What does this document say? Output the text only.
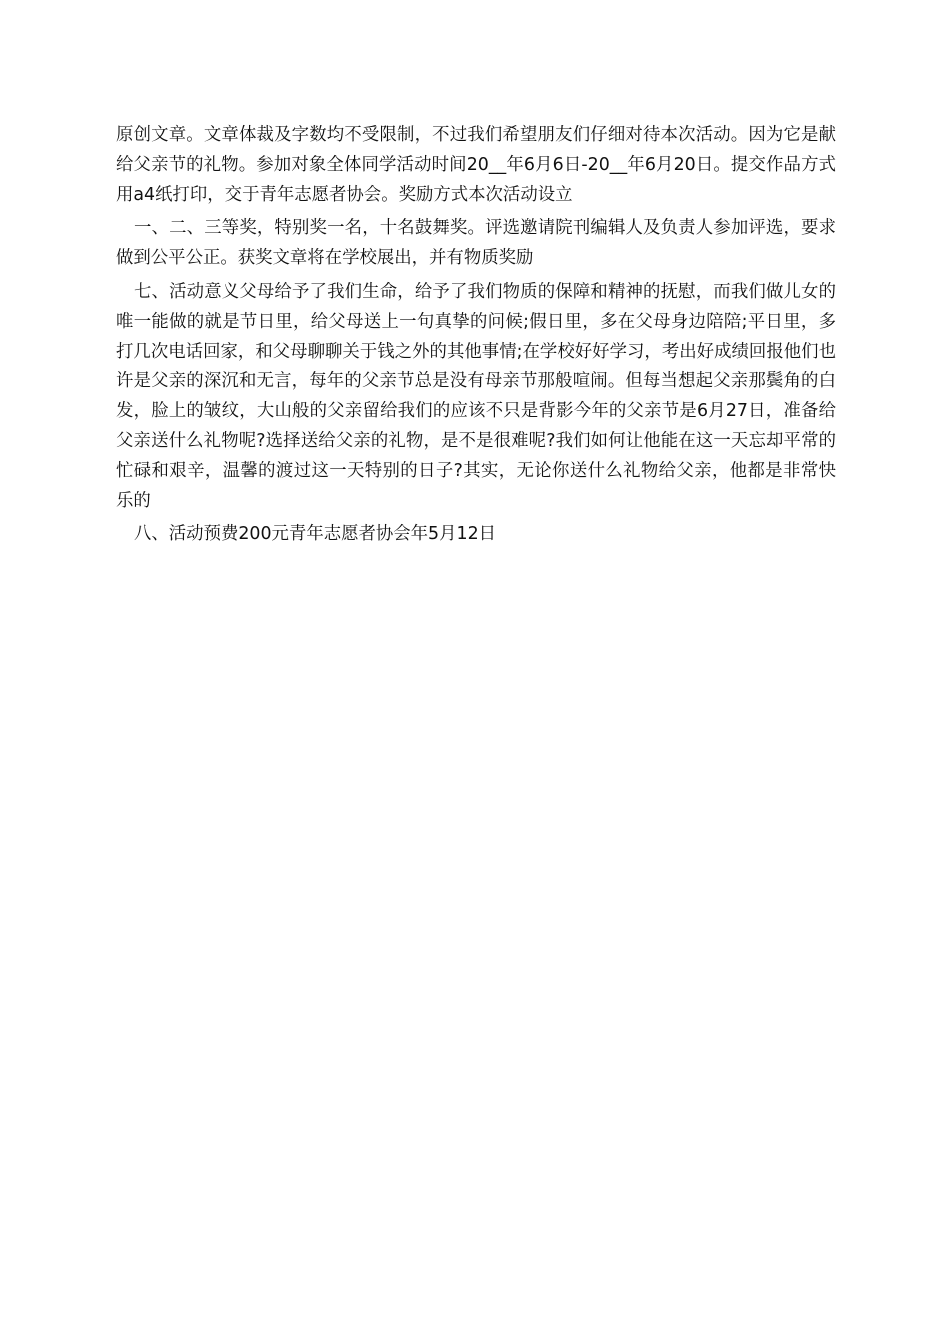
原创文章。文章体裁及字数均不受限制，不过我们希望朋友们仔细对待本次活动。因为它是献给父亲节的礼物。参加对象全体同学活动时间20__年6月6日-20__年6月20日。提交作品方式用a4纸打印，交于青年志愿者协会。奖励方式本次活动设立

一、二、三等奖，特别奖一名，十名鼓舞奖。评选邀请院刊编辑人及负责人参加评选，要求做到公平公正。获奖文章将在学校展出，并有物质奖励

七、活动意义父母给予了我们生命，给予了我们物质的保障和精神的抚慰，而我们做儿女的唯一能做的就是节日里，给父母送上一句真挚的问候;假日里，多在父母身边陪陪;平日里，多打几次电话回家，和父母聊聊关于钱之外的其他事情;在学校好好学习，考出好成绩回报他们也许是父亲的深沉和无言，每年的父亲节总是没有母亲节那般喧闹。但每当想起父亲那鬓角的白发，脸上的皱纹，大山般的父亲留给我们的应该不只是背影今年的父亲节是6月27日，准备给父亲送什么礼物呢?选择送给父亲的礼物，是不是很难呢?我们如何让他能在这一天忘却平常的忙碌和艰辛，温馨的渡过这一天特别的日子?其实，无论你送什么礼物给父亲，他都是非常快乐的

八、活动预费200元青年志愿者协会年5月12日
